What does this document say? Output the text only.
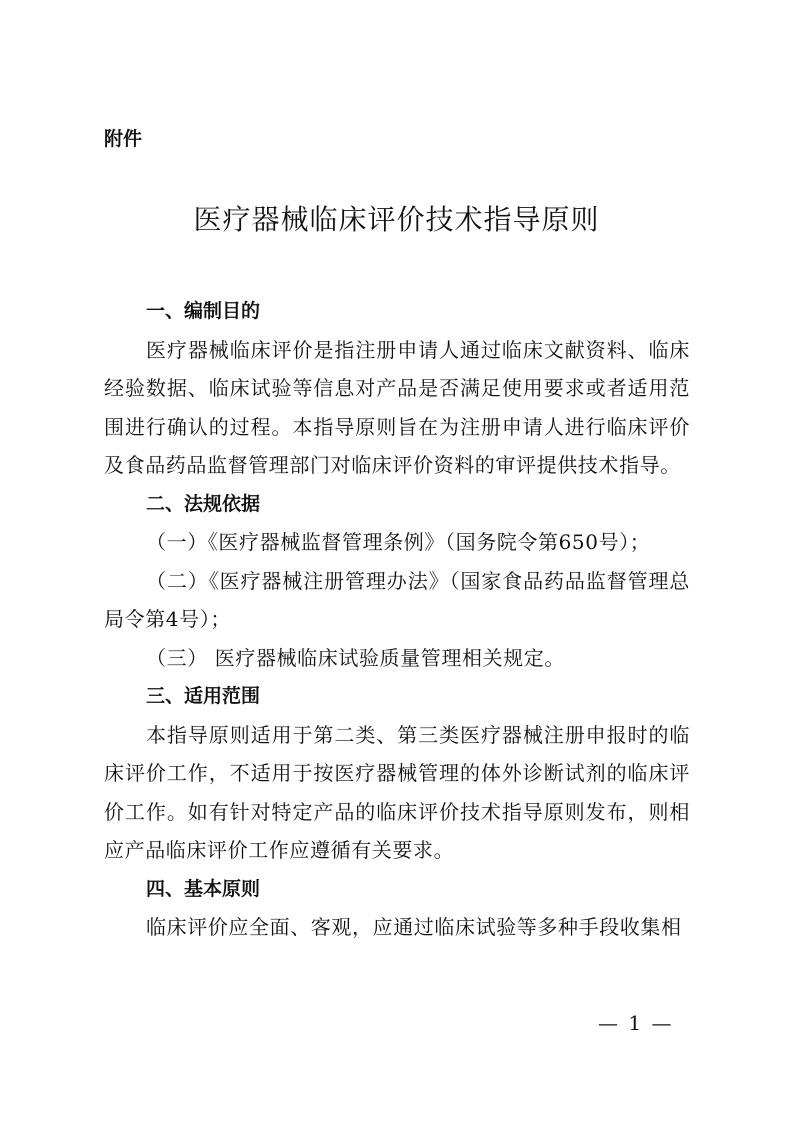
附件

医疗器械临床评价技术指导原则

一、编制目的

医疗器械临床评价是指注册申请人通过临床文献资料、临床经验数据、临床试验等信息对产品是否满足使用要求或者适用范围进行确认的过程。本指导原则旨在为注册申请人进行临床评价及食品药品监督管理部门对临床评价资料的审评提供技术指导。

二、法规依据

（一）《医疗器械监督管理条例》（国务院令第650号）；

（二）《医疗器械注册管理办法》（国家食品药品监督管理总局令第4号）；

（三） 医疗器械临床试验质量管理相关规定。

三、适用范围

本指导原则适用于第二类、第三类医疗器械注册申报时的临床评价工作，不适用于按医疗器械管理的体外诊断试剂的临床评价工作。如有针对特定产品的临床评价技术指导原则发布，则相应产品临床评价工作应遵循有关要求。

四、基本原则

临床评价应全面、客观，应通过临床试验等多种手段收集相

— 1 —
